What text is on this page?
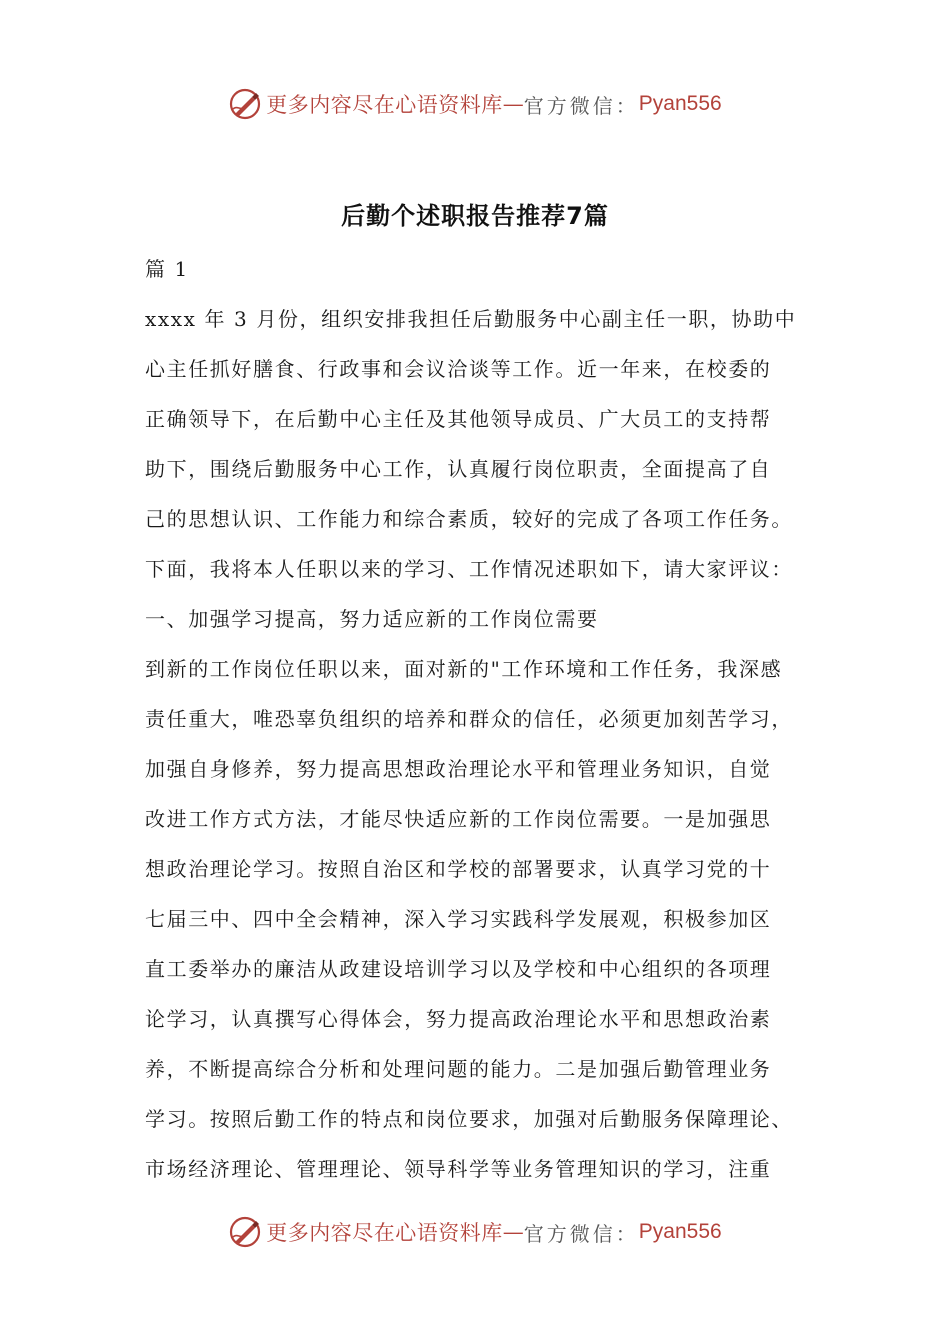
更多内容尽在心语资料库 — 官方微信： Pyan556
后勤个述职报告推荐7篇
篇 1
xxxx 年 3 月份，组织安排我担任后勤服务中心副主任一职，协助中
心主任抓好膳食、行政事和会议洽谈等工作。近一年来，在校委的
正确领导下，在后勤中心主任及其他领导成员、广大员工的支持帮
助下，围绕后勤服务中心工作，认真履行岗位职责，全面提高了自
己的思想认识、工作能力和综合素质，较好的完成了各项工作任务。
下面，我将本人任职以来的学习、工作情况述职如下，请大家评议：
一、加强学习提高，努力适应新的工作岗位需要
到新的工作岗位任职以来，面对新的"工作环境和工作任务，我深感
责任重大，唯恐辜负组织的培养和群众的信任，必须更加刻苦学习，
加强自身修养，努力提高思想政治理论水平和管理业务知识，自觉
改进工作方式方法，才能尽快适应新的工作岗位需要。一是加强思
想政治理论学习。按照自治区和学校的部署要求，认真学习党的十
七届三中、四中全会精神，深入学习实践科学发展观，积极参加区
直工委举办的廉洁从政建设培训学习以及学校和中心组织的各项理
论学习，认真撰写心得体会，努力提高政治理论水平和思想政治素
养，不断提高综合分析和处理问题的能力。二是加强后勤管理业务
学习。按照后勤工作的特点和岗位要求，加强对后勤服务保障理论、
市场经济理论、管理理论、领导科学等业务管理知识的学习，注重
更多内容尽在心语资料库 — 官方微信： Pyan556
